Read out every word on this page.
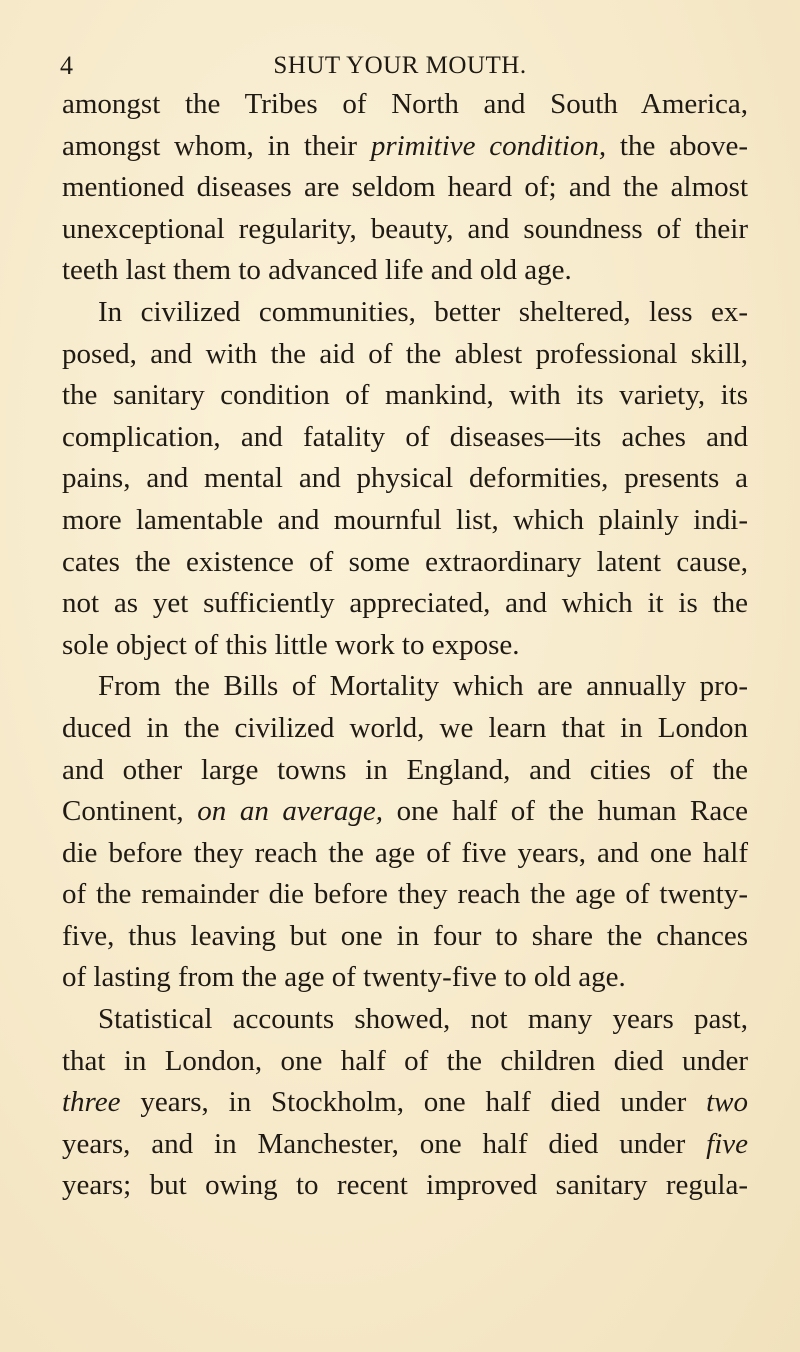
4	SHUT YOUR MOUTH.
amongst the Tribes of North and South America,
amongst whom, in their primitive condition, the above-
mentioned diseases are seldom heard of; and the almost
unexceptional regularity, beauty, and soundness of their
teeth last them to advanced life and old age.
In civilized communities, better sheltered, less ex-
posed, and with the aid of the ablest professional skill,
the sanitary condition of mankind, with its variety, its
complication, and fatality of diseases—its aches and
pains, and mental and physical deformities, presents a
more lamentable and mournful list, which plainly indi-
cates the existence of some extraordinary latent cause,
not as yet sufficiently appreciated, and which it is the
sole object of this little work to expose.
From the Bills of Mortality which are annually pro-
duced in the civilized world, we learn that in London
and other large towns in England, and cities of the
Continent, on an average, one half of the human Race
die before they reach the age of five years, and one half
of the remainder die before they reach the age of twenty-
five, thus leaving but one in four to share the chances
of lasting from the age of twenty-five to old age.
Statistical accounts showed, not many years past,
that in London, one half of the children died under
three years, in Stockholm, one half died under two
years, and in Manchester, one half died under five
years; but owing to recent improved sanitary regula-
